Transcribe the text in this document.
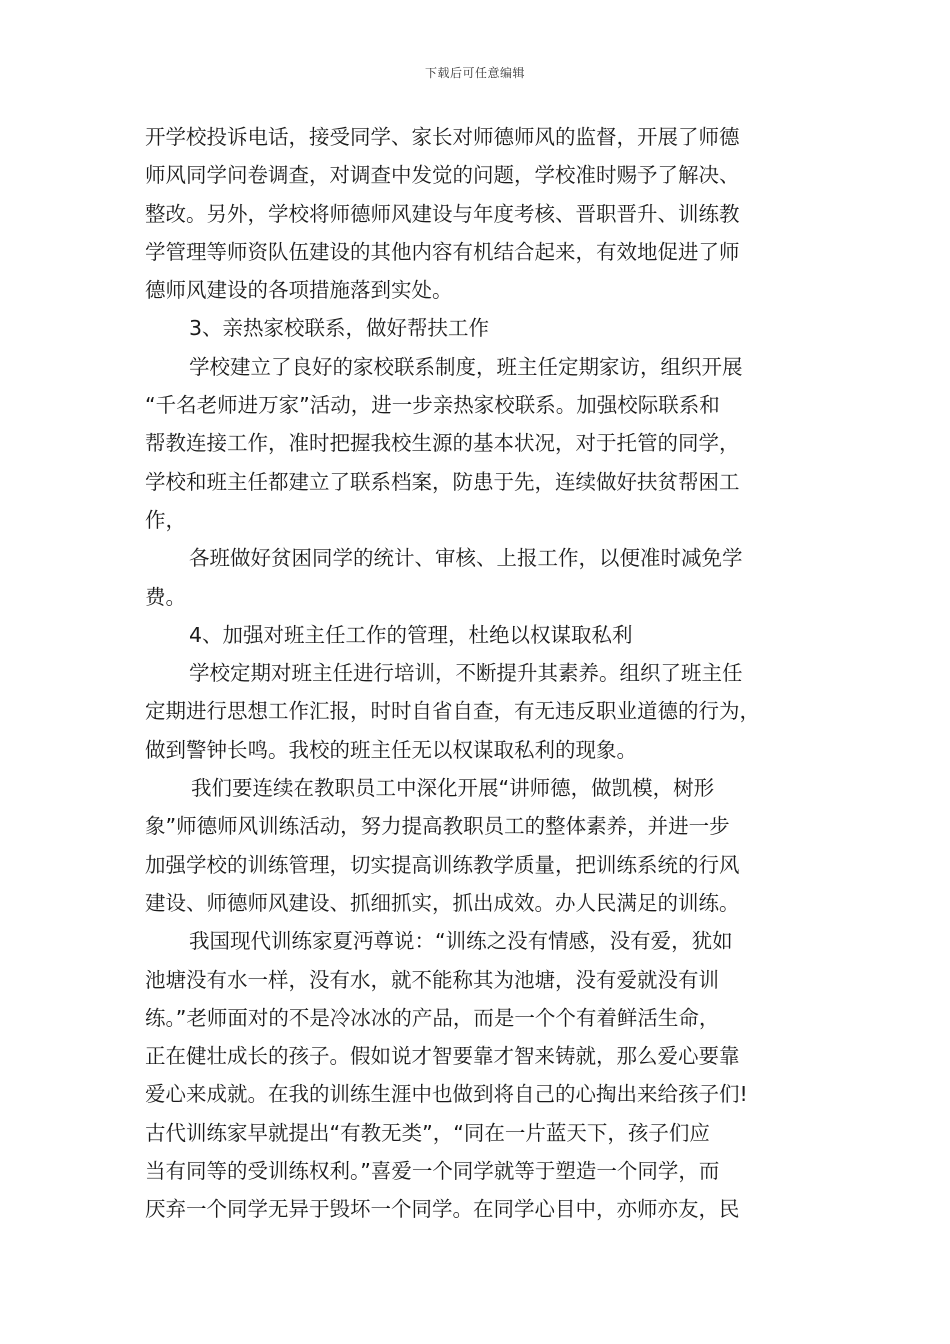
下载后可任意编辑
开学校投诉电话，接受同学、家长对师德师风的监督，开展了师德
师风同学问卷调查，对调查中发觉的问题，学校准时赐予了解决、
整改。另外，学校将师德师风建设与年度考核、晋职晋升、训练教
学管理等师资队伍建设的其他内容有机结合起来，有效地促进了师
德师风建设的各项措施落到实处。
3、亲热家校联系，做好帮扶工作
学校建立了良好的家校联系制度，班主任定期家访，组织开展
“千名老师进万家”活动，进一步亲热家校联系。加强校际联系和
帮教连接工作，准时把握我校生源的基本状况，对于托管的同学，
学校和班主任都建立了联系档案，防患于先，连续做好扶贫帮困工
作，
各班做好贫困同学的统计、审核、上报工作，以便准时减免学
费。
4、加强对班主任工作的管理，杜绝以权谋取私利
学校定期对班主任进行培训，不断提升其素养。组织了班主任
定期进行思想工作汇报，时时自省自查，有无违反职业道德的行为，
做到警钟长鸣。我校的班主任无以权谋取私利的现象。
我们要连续在教职员工中深化开展“讲师德，做凯模，树形
象”师德师风训练活动，努力提高教职员工的整体素养，并进一步
加强学校的训练管理，切实提高训练教学质量，把训练系统的行风
建设、师德师风建设、抓细抓实，抓出成效。办人民满足的训练。
我国现代训练家夏沔尊说：“训练之没有情感，没有爱，犹如
池塘没有水一样，没有水，就不能称其为池塘，没有爱就没有训
练。”老师面对的不是冷冰冰的产品，而是一个个有着鲜活生命，
正在健壮成长的孩子。假如说才智要靠才智来铸就，那么爱心要靠
爱心来成就。在我的训练生涯中也做到将自己的心掏出来给孩子们!
古代训练家早就提出“有教无类”，“同在一片蓝天下，孩子们应
当有同等的受训练权利。”喜爱一个同学就等于塑造一个同学，而
厌弃一个同学无异于毁坏一个同学。在同学心目中，亦师亦友，民
